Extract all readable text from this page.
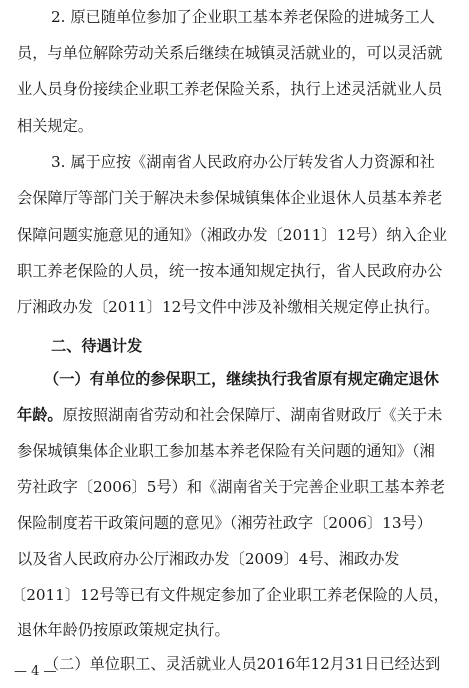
2. 原已随单位参加了企业职工基本养老保险的进城务工人
员，与单位解除劳动关系后继续在城镇灵活就业的，可以灵活就
业人员身份接续企业职工养老保险关系，执行上述灵活就业人员
相关规定。
3. 属于应按《湖南省人民政府办公厅转发省人力资源和社
会保障厅等部门关于解决未参保城镇集体企业退休人员基本养老
保障问题实施意见的通知》（湘政办发〔2011〕12号）纳入企业
职工养老保险的人员，统一按本通知规定执行，省人民政府办公
厅湘政办发〔2011〕12号文件中涉及补缴相关规定停止执行。
二、待遇计发
（一）有单位的参保职工，继续执行我省原有规定确定退休
年龄。原按照湖南省劳动和社会保障厅、湖南省财政厅《关于未
参保城镇集体企业职工参加基本养老保险有关问题的通知》（湘
劳社政字〔2006〕5号）和《湖南省关于完善企业职工基本养老
保险制度若干政策问题的意见》（湘劳社政字〔2006〕13号）
以及省人民政府办公厅湘政办发〔2009〕4号、湘政办发
〔2011〕12号等已有文件规定参加了企业职工养老保险的人员，
退休年龄仍按原政策规定执行。
（二）单位职工、灵活就业人员2016年12月31日已经达到
— 4 —
